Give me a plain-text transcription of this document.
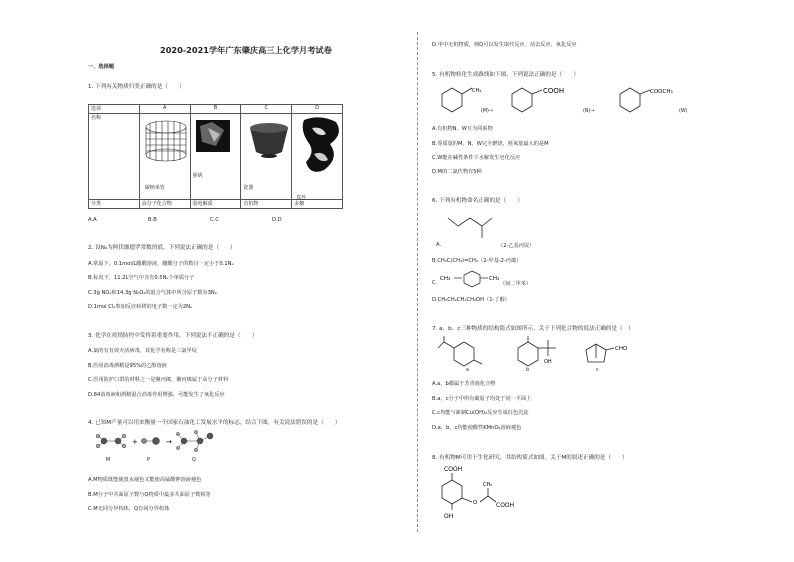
2020-2021学年广东肇庆高三上化学月考试卷
一、选择题
1. 下列有关物质归类正确的是（　　）
选项	A	B	C	D
名称	碳纳米管	胆矾	瓷器	真丝

分类	高分子化合物	弱电解质	有机物	多糖
A.A	B.B	C.C	D.D
2. 设Nₐ为阿伏伽德罗常数的值，下列说法正确的是（　　）
A.常温下，0.1mol/L醋酸溶液，醋酸分子的数目一定小于0.1Nₐ
B.标况下，11.2L空气中含有0.5Nₐ个单质分子
C.3g NO₂和14.3g N₂O₄的混合气体中所含原子数为3Nₐ
D.1mol Cl₂参加反应转移的电子数一定为2Nₐ
3. 化学在疫情防控中发挥着重要作用，下列说法不正确的是（　　）
A.氯的有有效灭活病毒，其化学名称是三氯甲烷
B.医用消毒酒精是95%的乙醇溶液
C.医用防护口罩的材料之一是聚丙烯，聚丙烯属于高分子材料
D.84消毒液和酒精混合消毒作用增强，可能发生了氧化反应
4. 已知M产量可以用来衡量一个国家石油化工发展水平的标志，结合下图，有关说法错误的是（　　）
+	→
M	P	Q
A.M物质既能使溴水褪色又能使高锰酸钾溶液褪色
B.M分子中共面原子数与Q物质中最多共面原子数相等
C.M无同分异构体，Q有同分异构体
D.甲中无机物质，则Q可以发生取代反应、消去反应、氧化反应
5. 有机物转化生成路线如下图，下列说法正确的是（　　）
CH₃	COOH	COOCH₃
(M)→	(N)→	(W)
A.有机物N、W互为同系物
B.等质量的M、N、W完全燃烧，耗氧量最大的是M
C.W能在碱性条件下水解发生皂化反应
D.M的二氯代物有5种
6. 下列有机物命名正确的是（　　）
A.	（2-乙基丙烷）
B.CH₃C(CH₃)=CH₂（2-甲基-2-丙烯）
CH₃	CH₃
C.	（间二甲苯）
D.CH₃CH₂CH₂CH₂OH（1-丁醇）
7. a、b、c三种物质的结构简式如图所示，关于下列化合物的说法正确的是（　）
OH
CHO
a	b	c
A.a、b都属于芳香族化合物
B.a、c分子中所有碳原子均处于同一平面上
C.c均能与新制Cu(OH)₂反应生成红色沉淀
D.a、b、c均能使酸性KMnO₄溶液褪色
8. 有机物M可用于生化研究，其结构简式如图。关于M的叙述正确的是（　　）
COOH
O
CH₂
COOH
OH
